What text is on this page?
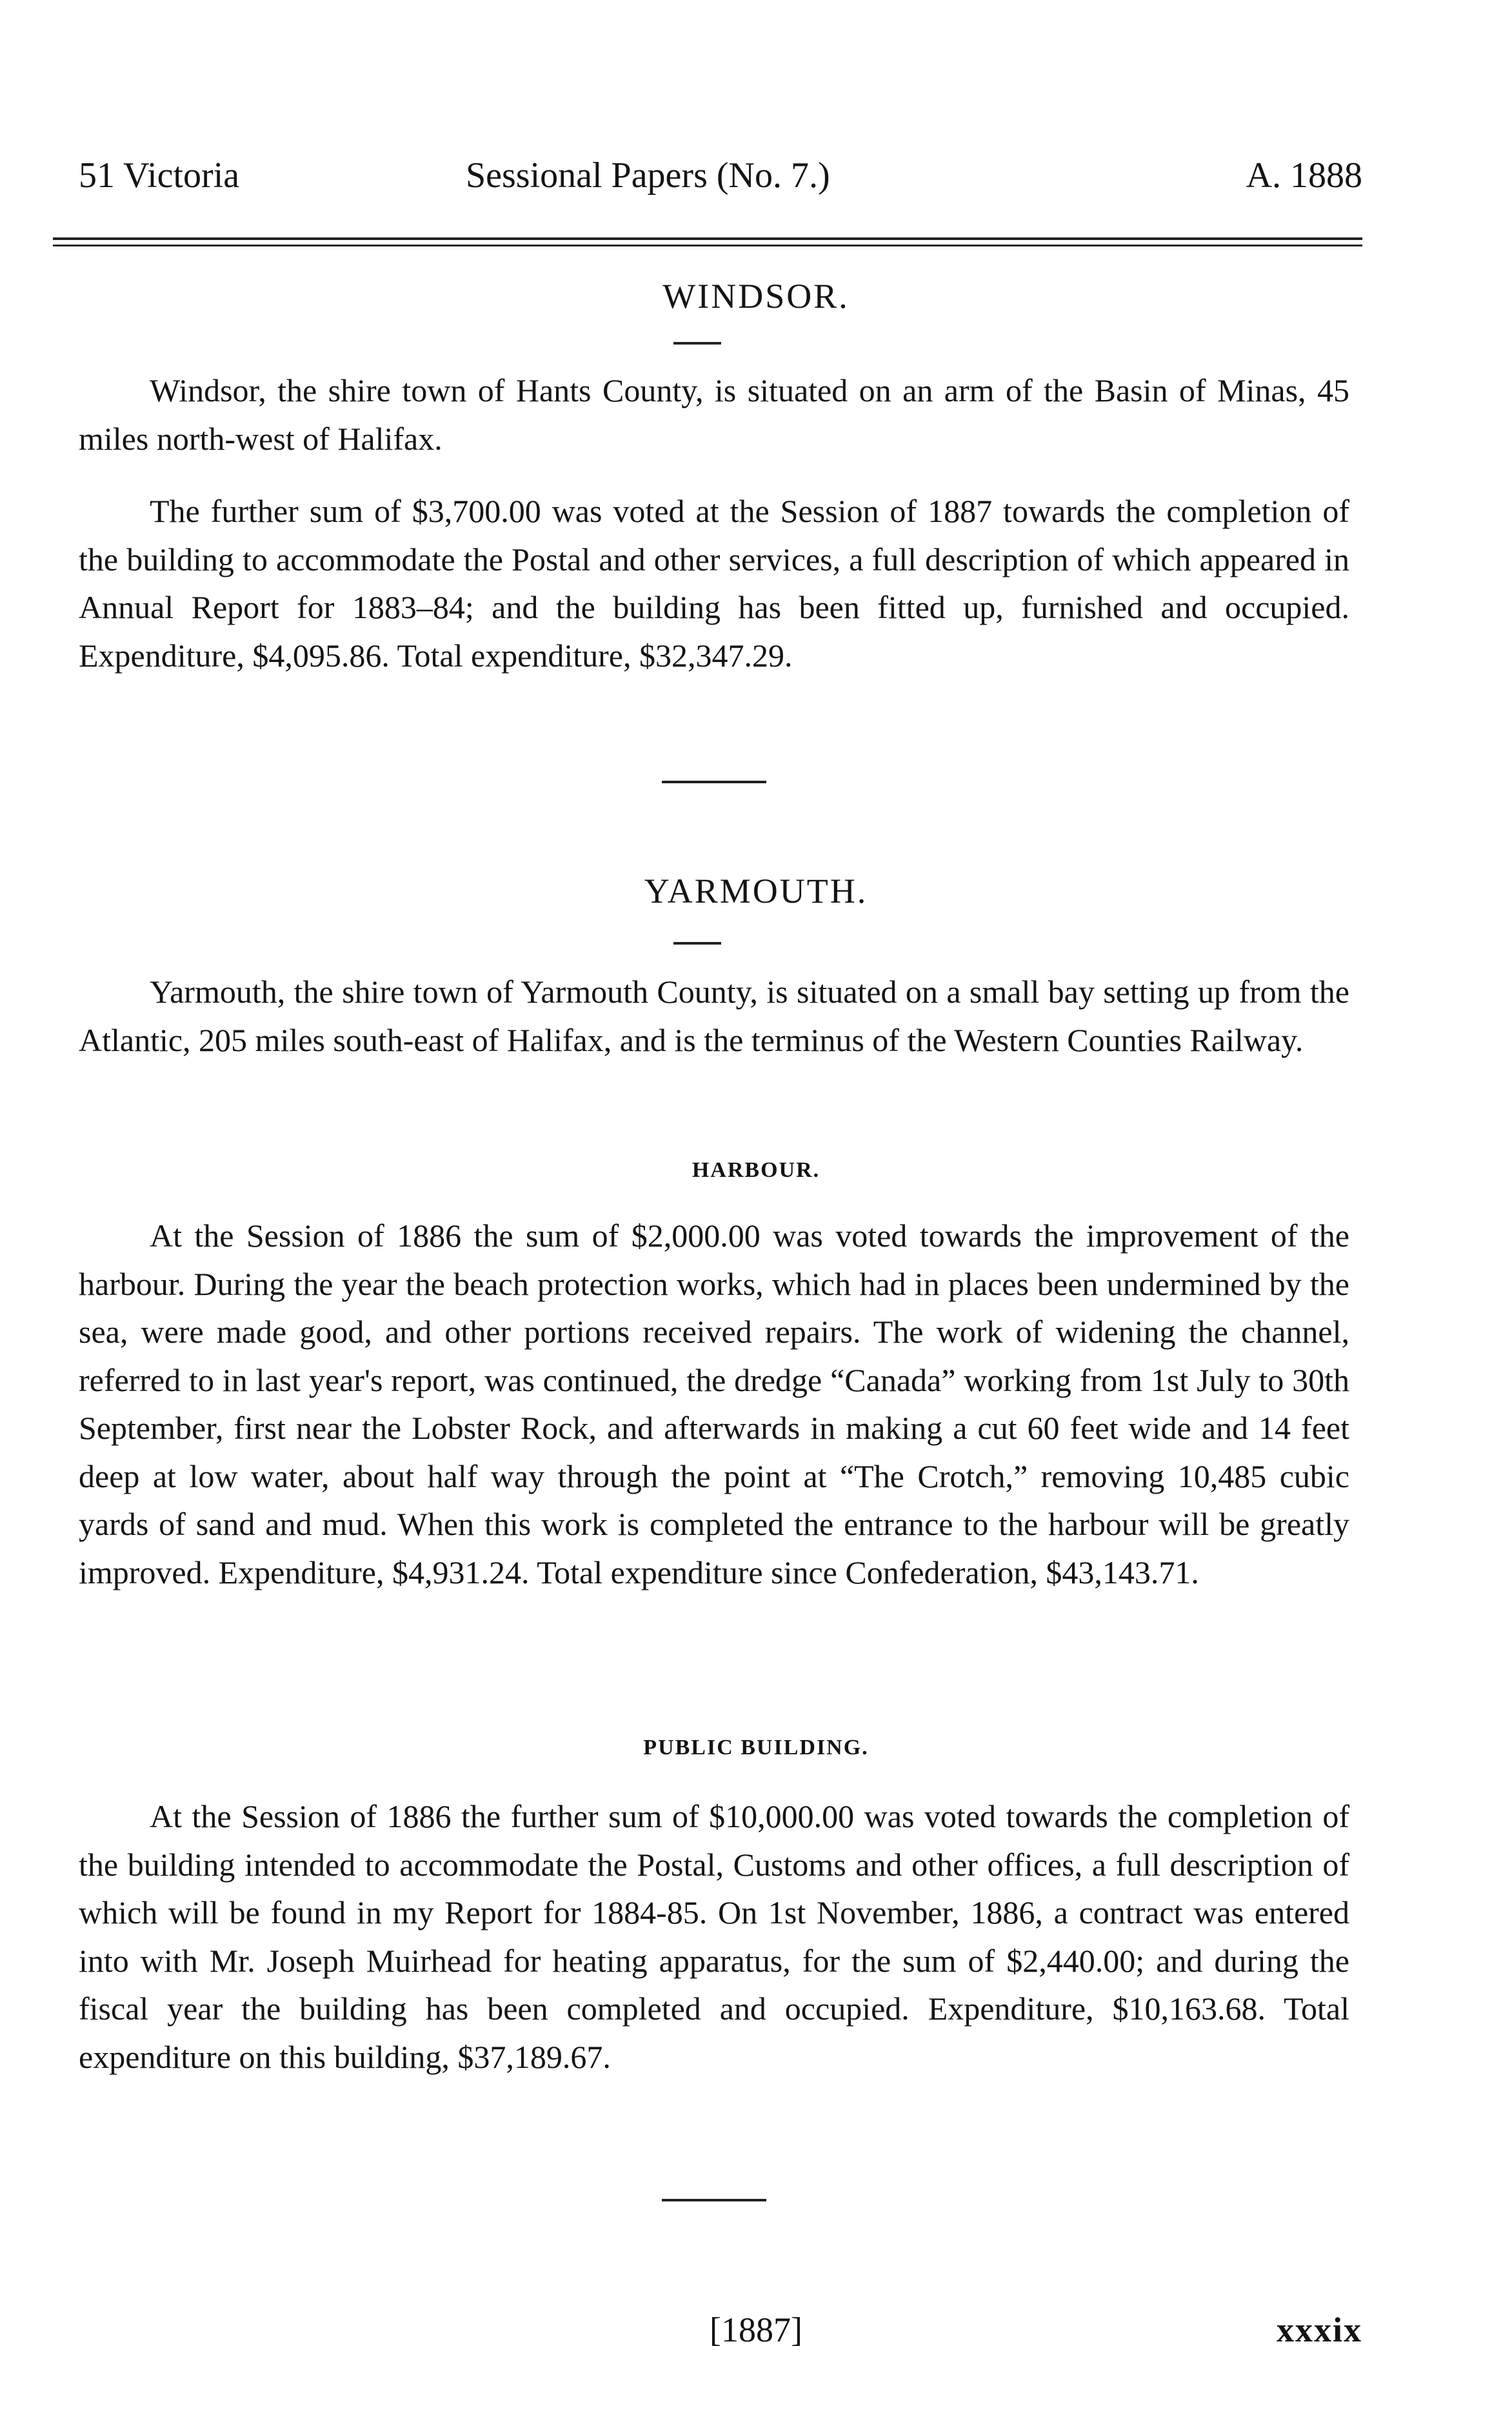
51 Victoria	Sessional Papers (No. 7.)	A. 1888
WINDSOR.

Windsor, the shire town of Hants County, is situated on an arm of the Basin of Minas, 45 miles north-west of Halifax.

The further sum of $3,700.00 was voted at the Session of 1887 towards the completion of the building to accommodate the Postal and other services, a full description of which appeared in Annual Report for 1883–84; and the building has been fitted up, furnished and occupied. Expenditure, $4,095.86. Total expenditure, $32,347.29.

YARMOUTH.

Yarmouth, the shire town of Yarmouth County, is situated on a small bay setting up from the Atlantic, 205 miles south-east of Halifax, and is the terminus of the Western Counties Railway.

HARBOUR.

At the Session of 1886 the sum of $2,000.00 was voted towards the improvement of the harbour. During the year the beach protection works, which had in places been undermined by the sea, were made good, and other portions received repairs. The work of widening the channel, referred to in last year's report, was continued, the dredge “Canada” working from 1st July to 30th September, first near the Lobster Rock, and afterwards in making a cut 60 feet wide and 14 feet deep at low water, about half way through the point at “The Crotch,” removing 10,485 cubic yards of sand and mud. When this work is completed the entrance to the harbour will be greatly improved. Expenditure, $4,931.24. Total expenditure since Confederation, $43,143.71.

PUBLIC BUILDING.

At the Session of 1886 the further sum of $10,000.00 was voted towards the completion of the building intended to accommodate the Postal, Customs and other offices, a full description of which will be found in my Report for 1884-85. On 1st November, 1886, a contract was entered into with Mr. Joseph Muirhead for heating apparatus, for the sum of $2,440.00; and during the fiscal year the building has been completed and occupied. Expenditure, $10,163.68. Total expenditure on this building, $37,189.67.

[1887]	xxxix
